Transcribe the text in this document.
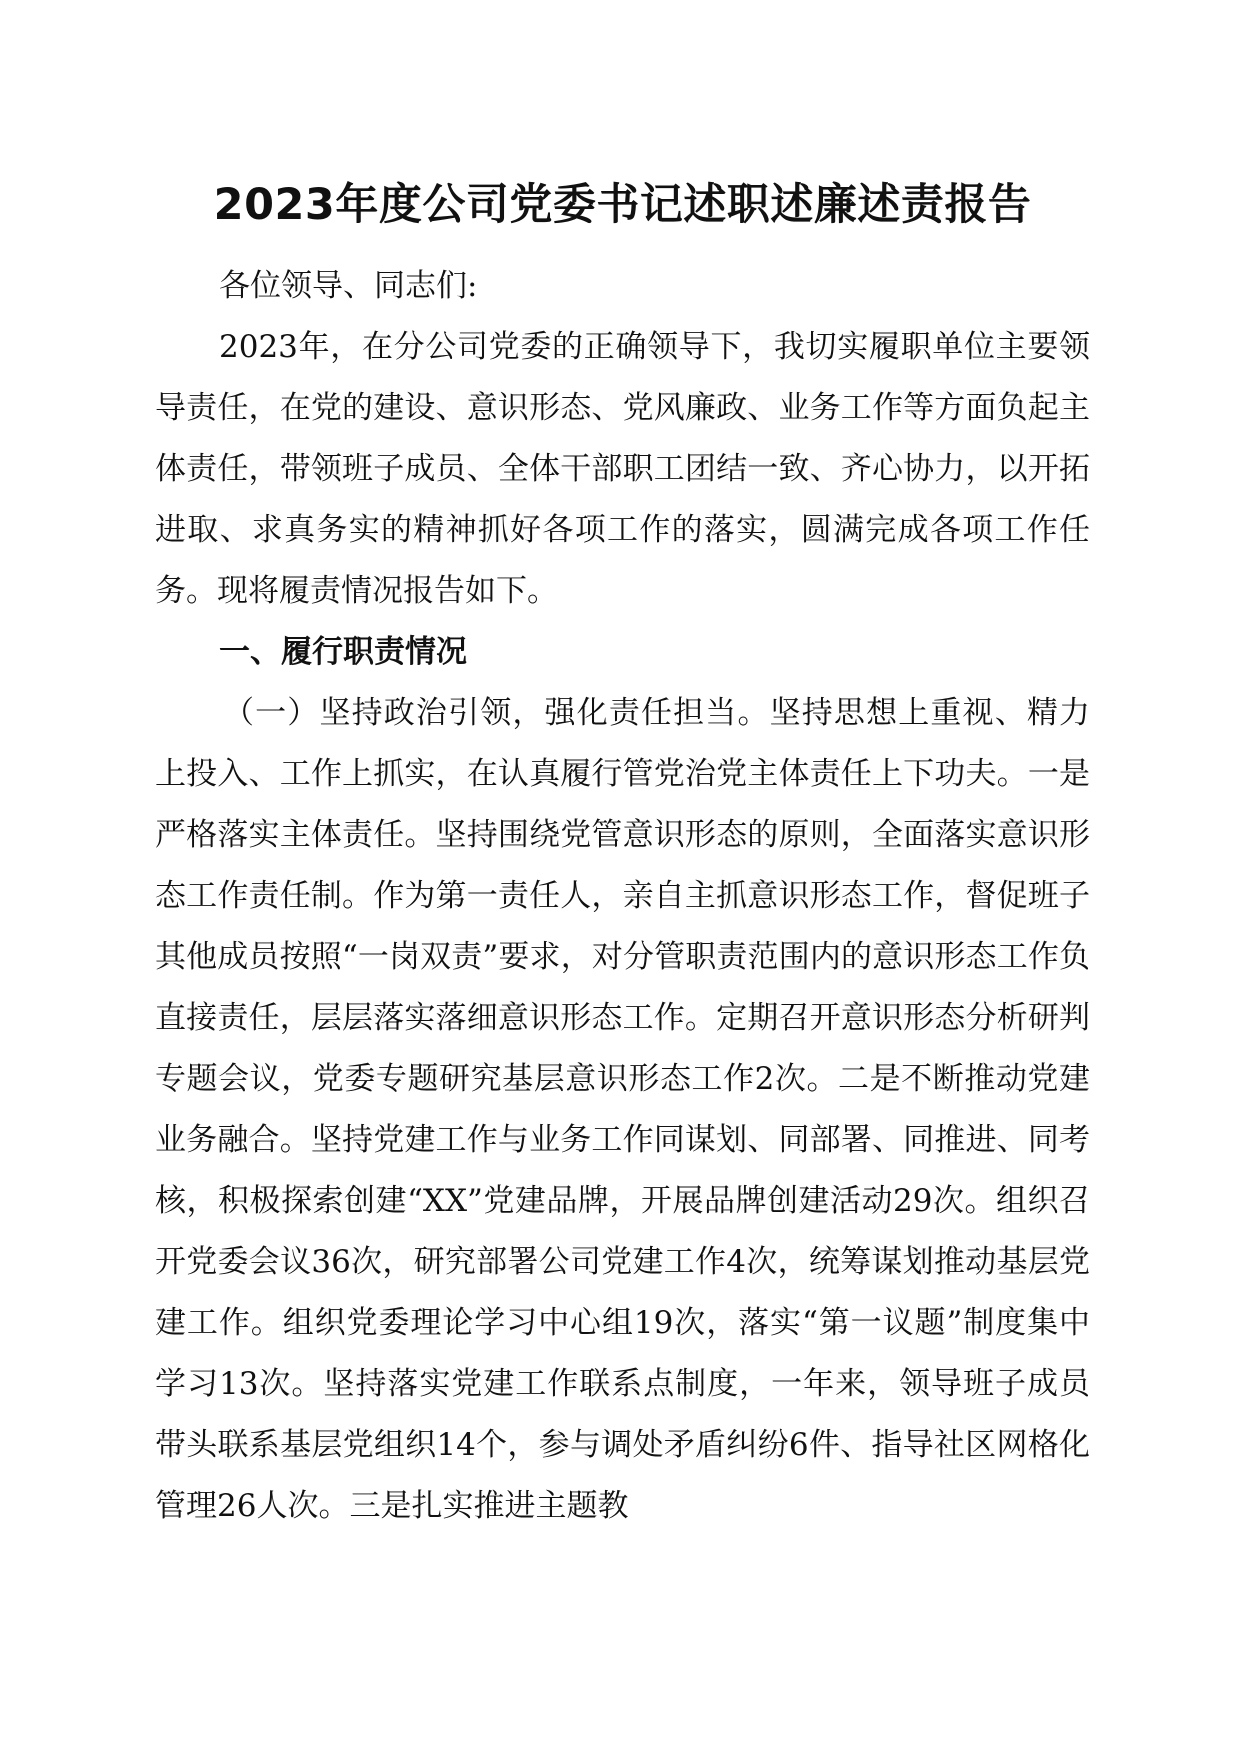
2023年度公司党委书记述职述廉述责报告

各位领导、同志们:

2023年，在分公司党委的正确领导下，我切实履职单位主要领导责任，在党的建设、意识形态、党风廉政、业务工作等方面负起主体责任，带领班子成员、全体干部职工团结一致、齐心协力，以开拓进取、求真务实的精神抓好各项工作的落实，圆满完成各项工作任务。现将履责情况报告如下。

一、履行职责情况

（一）坚持政治引领，强化责任担当。坚持思想上重视、精力上投入、工作上抓实，在认真履行管党治党主体责任上下功夫。一是严格落实主体责任。坚持围绕党管意识形态的原则，全面落实意识形态工作责任制。作为第一责任人，亲自主抓意识形态工作，督促班子其他成员按照“一岗双责”要求，对分管职责范围内的意识形态工作负直接责任，层层落实落细意识形态工作。定期召开意识形态分析研判专题会议，党委专题研究基层意识形态工作2次。二是不断推动党建业务融合。坚持党建工作与业务工作同谋划、同部署、同推进、同考核，积极探索创建“XX”党建品牌，开展品牌创建活动29次。组织召开党委会议36次，研究部署公司党建工作4次，统筹谋划推动基层党建工作。组织党委理论学习中心组19次，落实“第一议题”制度集中学习13次。坚持落实党建工作联系点制度，一年来，领导班子成员带头联系基层党组织14个，参与调处矛盾纠纷6件、指导社区网格化管理26人次。三是扎实推进主题教
